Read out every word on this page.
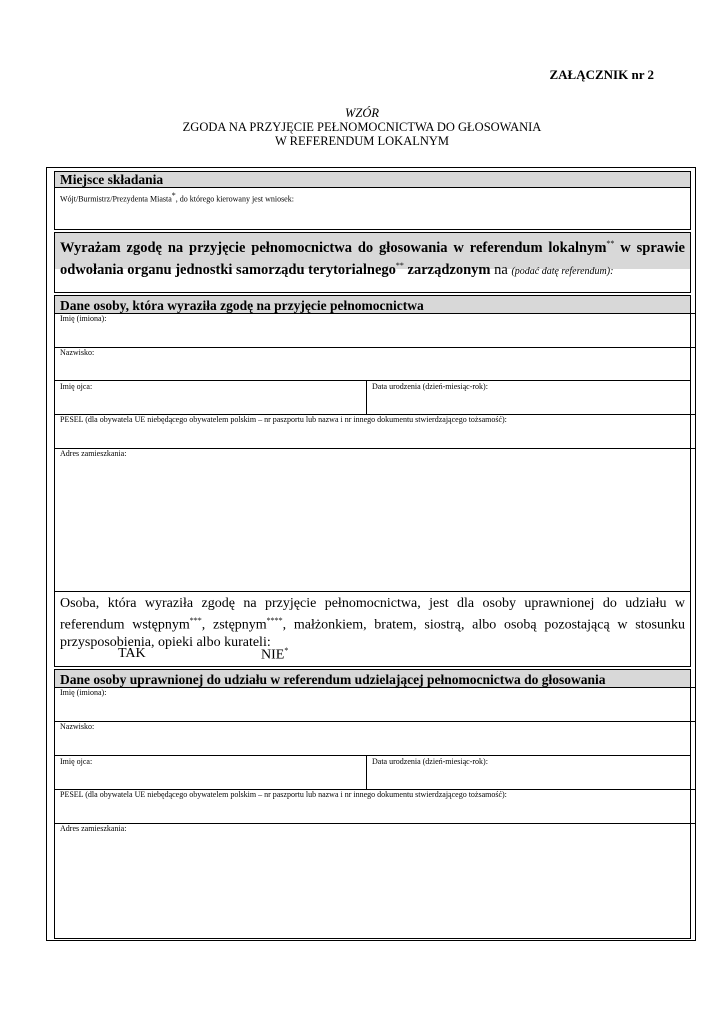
ZAŁĄCZNIK nr 2
WZÓR
ZGODA NA PRZYJĘCIE PEŁNOMOCNICTWA DO GŁOSOWANIA
W REFERENDUM LOKALNYM
Miejsce składania
Wójt/Burmistrz/Prezydenta Miasta*, do którego kierowany jest wniosek:
Wyrażam zgodę na przyjęcie pełnomocnictwa do głosowania w referendum lokalnym** w sprawie odwołania organu jednostki samorządu terytorialnego** zarządzonym na (podać datę referendum):
Dane osoby, która wyraziła zgodę na przyjęcie pełnomocnictwa
Imię (imiona):
Nazwisko:
Imię ojca:	Data urodzenia (dzień-miesiąc-rok):
PESEL (dla obywatela UE niebędącego obywatelem polskim – nr paszportu lub nazwa i nr innego dokumentu stwierdzającego tożsamość):
Adres zamieszkania:
Osoba, która wyraziła zgodę na przyjęcie pełnomocnictwa, jest dla osoby uprawnionej do udziału w referendum wstępnym***, zstępnym****, małżonkiem, bratem, siostrą, albo osobą pozostającą w stosunku przysposobienia, opieki albo kurateli:
TAK	NIE*
Dane osoby uprawnionej do udziału w referendum udzielającej pełnomocnictwa do głosowania
Imię (imiona):
Nazwisko:
Imię ojca:	Data urodzenia (dzień-miesiąc-rok):
PESEL (dla obywatela UE niebędącego obywatelem polskim – nr paszportu lub nazwa i nr innego dokumentu stwierdzającego tożsamość):
Adres zamieszkania:
